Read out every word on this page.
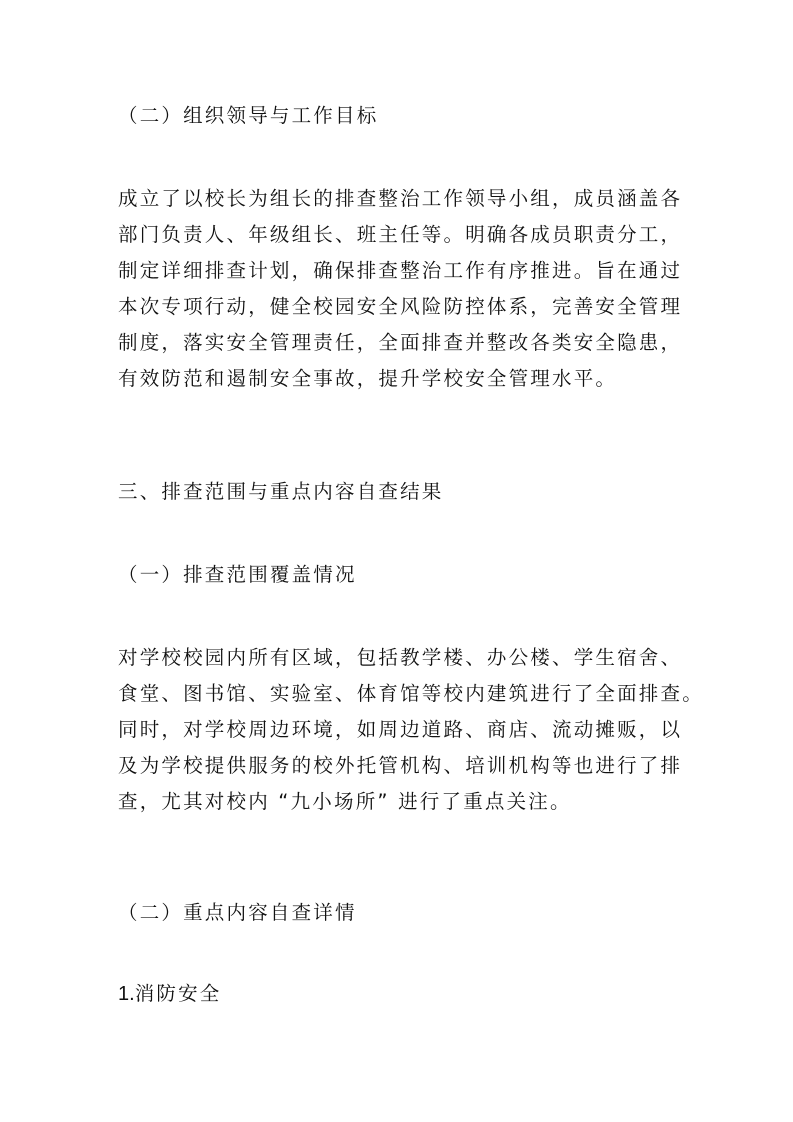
（二）组织领导与工作目标
成立了以校长为组长的排查整治工作领导小组，成员涵盖各
部门负责人、年级组长、班主任等。明确各成员职责分工，
制定详细排查计划，确保排查整治工作有序推进。旨在通过
本次专项行动，健全校园安全风险防控体系，完善安全管理
制度，落实安全管理责任，全面排查并整改各类安全隐患，
有效防范和遏制安全事故，提升学校安全管理水平。
三、排查范围与重点内容自查结果
（一）排查范围覆盖情况
对学校校园内所有区域，包括教学楼、办公楼、学生宿舍、
食堂、图书馆、实验室、体育馆等校内建筑进行了全面排查。
同时，对学校周边环境，如周边道路、商店、流动摊贩，以
及为学校提供服务的校外托管机构、培训机构等也进行了排
查，尤其对校内 “九小场所” 进行了重点关注。
（二）重点内容自查详情
1.消防安全
